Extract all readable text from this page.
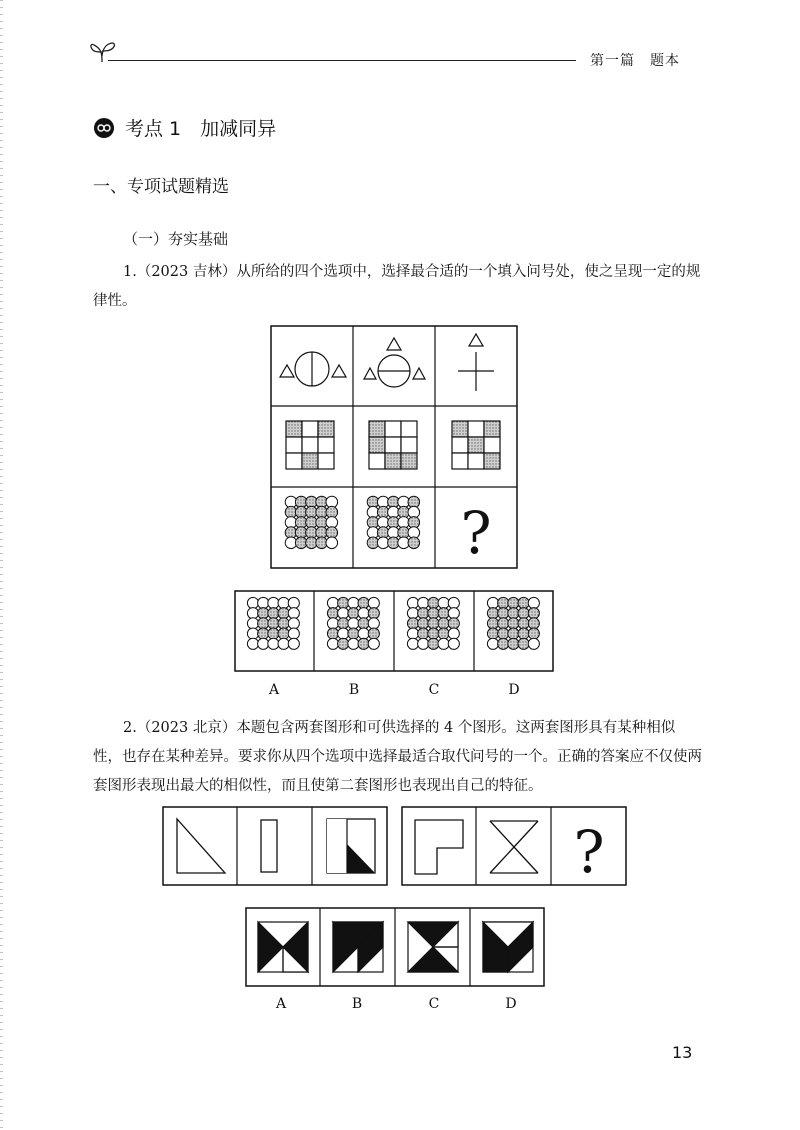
第一篇　题本
考点 1　加减同异
一、专项试题精选
（一）夯实基础

1.（2023 吉林）从所给的四个选项中，选择最合适的一个填入问号处，使之呈现一定的规律性。

?
A	B	C	D

2.（2023 北京）本题包含两套图形和可供选择的 4 个图形。这两套图形具有某种相似性，也存在某种差异。要求你从四个选项中选择最适合取代问号的一个。正确的答案应不仅使两套图形表现出最大的相似性，而且使第二套图形也表现出自己的特征。

?
A	B	C	D
13
